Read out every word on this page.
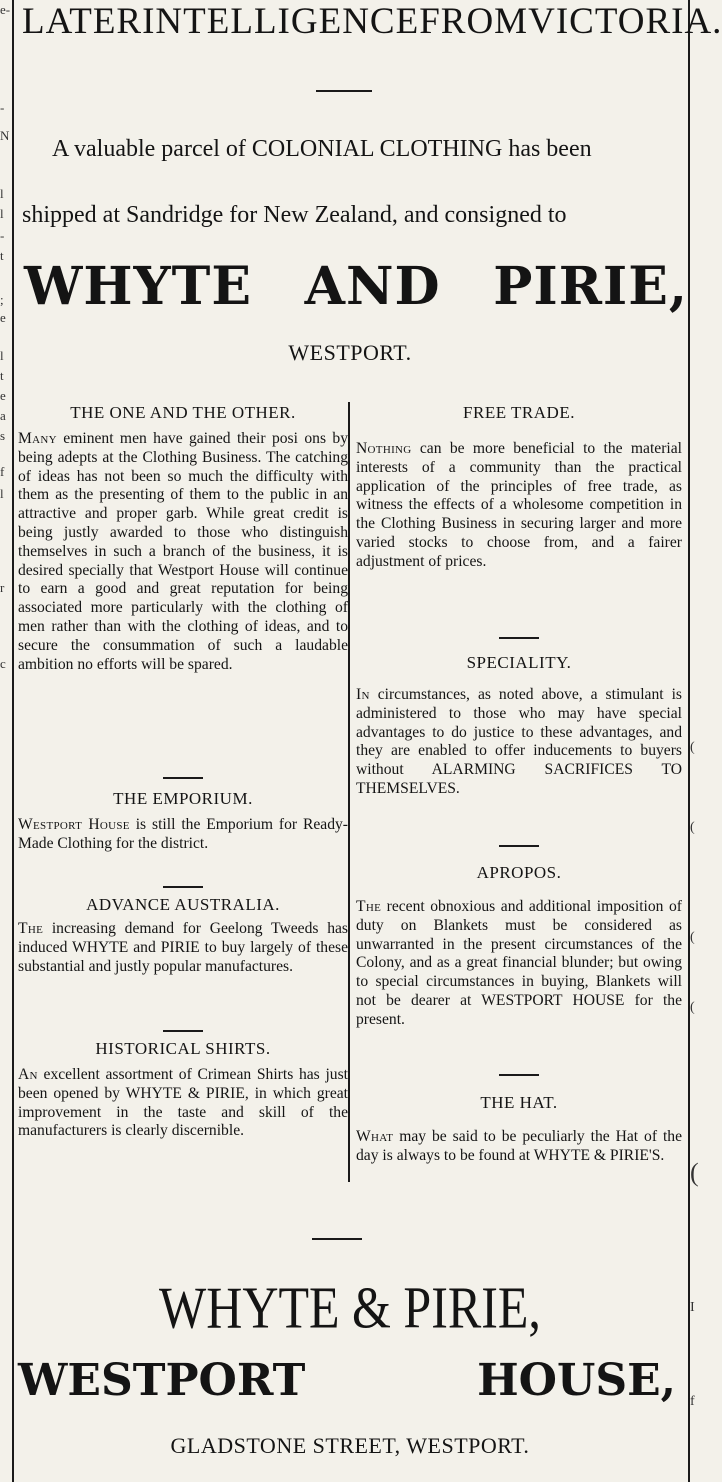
e-
-
N
l
l
-
t
;
e
l
t
e
a
s
f
l
r
c
(
(
(
(
I
(
f
LATER INTELLIGENCE FROM VICTORIA.
A valuable parcel of COLONIAL CLOTHING has been
shipped at Sandridge for New Zealand, and consigned to
WHYTE AND PIRIE,
WESTPORT.
THE ONE AND THE OTHER.

Many eminent men have gained their posi ons by being adepts at the Clothing Business. The catching of ideas has not been so much the difficulty with them as the presenting of them to the public in an attractive and proper garb. While great credit is being justly awarded to those who distinguish themselves in such a branch of the business, it is desired specially that Westport House will continue to earn a good and great reputation for being associated more particularly with the clothing of men rather than with the clothing of ideas, and to secure the consummation of such a laudable ambition no efforts will be spared.

THE EMPORIUM.

Westport House is still the Emporium for Ready-Made Clothing for the district.

ADVANCE AUSTRALIA.

The increasing demand for Geelong Tweeds has induced WHYTE and PIRIE to buy largely of these substantial and justly popular manufactures.

HISTORICAL SHIRTS.

An excellent assortment of Crimean Shirts has just been opened by WHYTE & PIRIE, in which great improvement in the taste and skill of the manufacturers is clearly discernible.

FREE TRADE.

Nothing can be more beneficial to the material interests of a community than the practical application of the principles of free trade, as witness the effects of a wholesome competition in the Clothing Business in securing larger and more varied stocks to choose from, and a fairer adjustment of prices.

SPECIALITY.

In circumstances, as noted above, a stimulant is administered to those who may have special advantages to do justice to these advantages, and they are enabled to offer inducements to buyers without ALARMING SACRIFICES TO THEMSELVES.

APROPOS.

The recent obnoxious and additional imposition of duty on Blankets must be considered as unwarranted in the present circumstances of the Colony, and as a great financial blunder; but owing to special circumstances in buying, Blankets will not be dearer at WESTPORT HOUSE for the present.

THE HAT.

What may be said to be peculiarly the Hat of the day is always to be found at WHYTE & PIRIE'S.

WHYTE & PIRIE,
WESTPORT	HOUSE,
GLADSTONE STREET, WESTPORT.
